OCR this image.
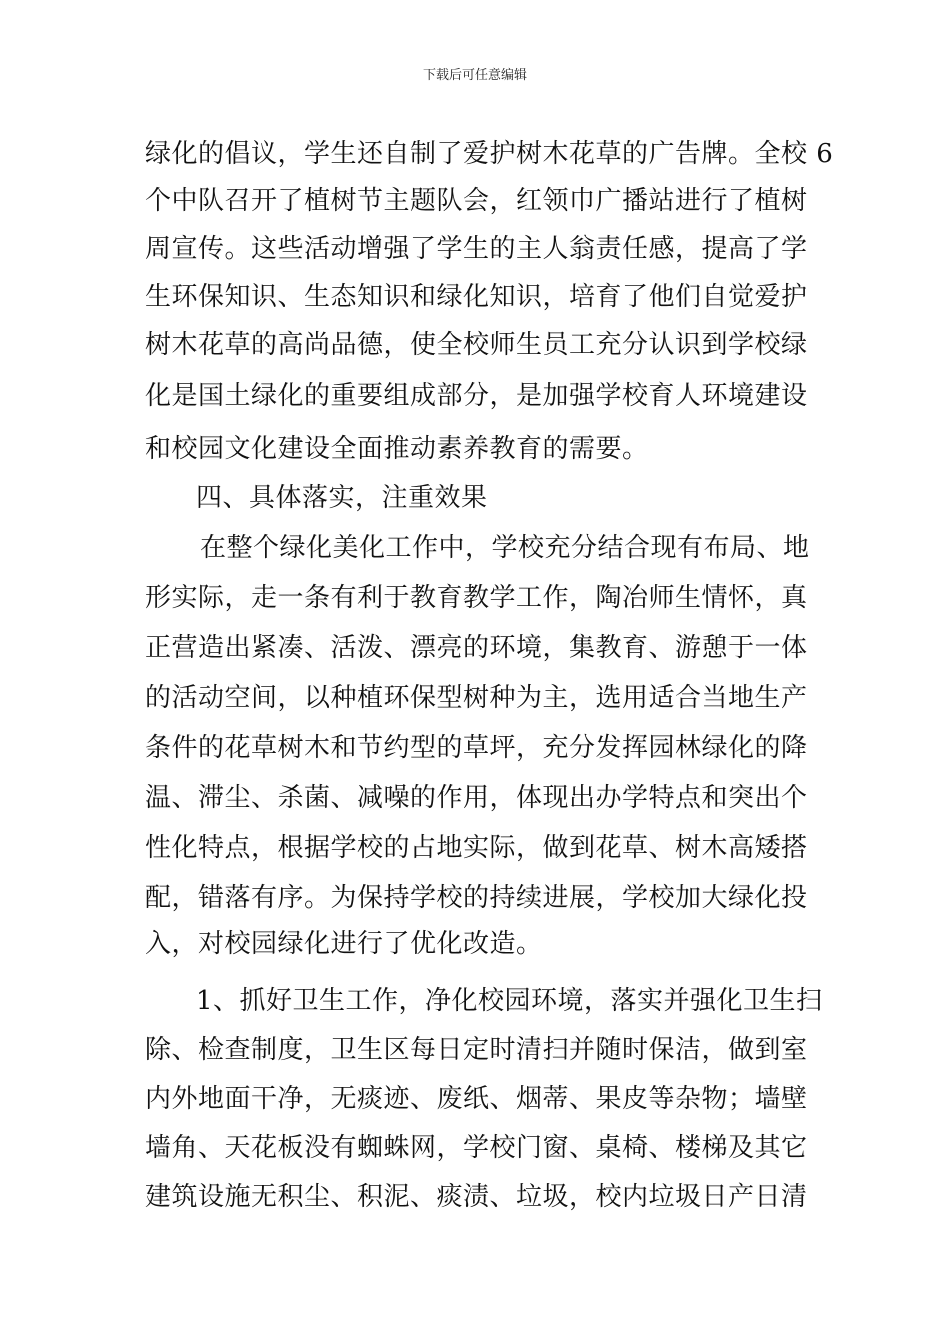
下载后可任意编辑
绿化的倡议，学生还自制了爱护树木花草的广告牌。全校 6
个中队召开了植树节主题队会，红领巾广播站进行了植树
周宣传。这些活动增强了学生的主人翁责任感，提高了学
生环保知识、生态知识和绿化知识，培育了他们自觉爱护
树木花草的高尚品德，使全校师生员工充分认识到学校绿
化是国土绿化的重要组成部分，是加强学校育人环境建设
和校园文化建设全面推动素养教育的需要。
四、具体落实，注重效果
在整个绿化美化工作中，学校充分结合现有布局、地
形实际，走一条有利于教育教学工作，陶冶师生情怀，真
正营造出紧凑、活泼、漂亮的环境，集教育、游憩于一体
的活动空间，以种植环保型树种为主，选用适合当地生产
条件的花草树木和节约型的草坪，充分发挥园林绿化的降
温、滞尘、杀菌、减噪的作用，体现出办学特点和突出个
性化特点，根据学校的占地实际，做到花草、树木高矮搭
配，错落有序。为保持学校的持续进展，学校加大绿化投
入，对校园绿化进行了优化改造。
1、抓好卫生工作，净化校园环境，落实并强化卫生扫
除、检查制度，卫生区每日定时清扫并随时保洁，做到室
内外地面干净，无痰迹、废纸、烟蒂、果皮等杂物；墙壁
墙角、天花板没有蜘蛛网，学校门窗、桌椅、楼梯及其它
建筑设施无积尘、积泥、痰渍、垃圾，校内垃圾日产日清
